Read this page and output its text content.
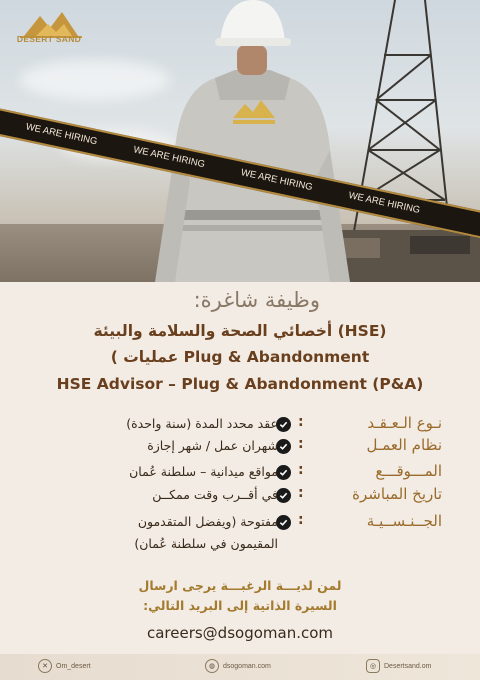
DESERT SAND
WE ARE HIRING
WE ARE HIRING
WE ARE HIRING
WE ARE HIRING
وظيفة شاغرة:
أخصائي الصحة والسلامة والبيئة (HSE)
( عمليات Plug & Abandonment
HSE Advisor – Plug & Abandonment (P&A)
نـوع الـعـقـد
:
عقد محدد المدة (سنة واحدة)
نظام العمـل
:
شهران عمل / شهر إجازة
المـــوقـــع
:
مواقع ميدانية – سلطنة عُمان
تاريخ المباشرة
:
في أقــرب وقت ممكــن
الجــنـســيـة
:
مفتوحة (ويفضل المتقدمون
المقيمون في سلطنة عُمان)
لمن لديـــة الرغبـــة يرجى ارسال
السيرة الذاتية إلى البريد التالي:
careers@dsogoman.com
✕	Om_desert	◍	dsogoman.com	◎	Desertsand.om
